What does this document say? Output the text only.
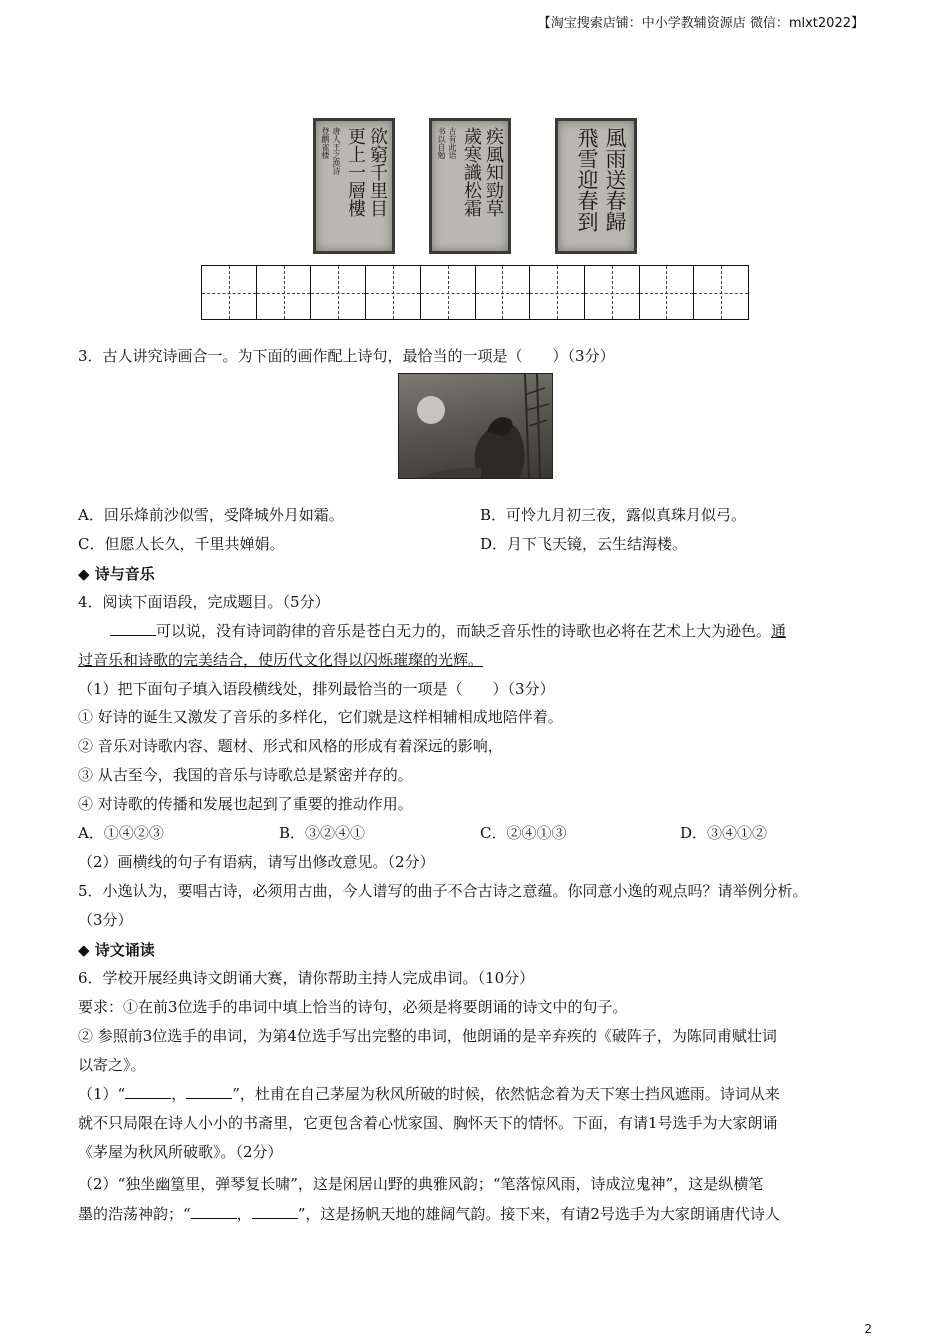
【淘宝搜索店铺：中小学教辅资源店 微信：mlxt2022】
欲窮千里目
更上一層樓
唐人王之涣诗
登鹳雀楼	疾風知勁草
歲寒識松霜
古有此语
书以自勉	風雨送春歸
飛雪迎春到
3．古人讲究诗画合一。为下面的画作配上诗句，最恰当的一项是（　　）（3分）
A．回乐烽前沙似雪，受降城外月如霜。	B．可怜九月初三夜，露似真珠月似弓。
C．但愿人长久，千里共婵娟。	D．月下飞天镜，云生结海楼。
◆ 诗与音乐
4．阅读下面语段，完成题目。（5分）
可以说，没有诗词韵律的音乐是苍白无力的，而缺乏音乐性的诗歌也必将在艺术上大为逊色。通
过音乐和诗歌的完美结合，使历代文化得以闪烁璀璨的光辉。
（1）把下面句子填入语段横线处，排列最恰当的一项是（　　）（3分）
① 好诗的诞生又激发了音乐的多样化，它们就是这样相辅相成地陪伴着。
② 音乐对诗歌内容、题材、形式和风格的形成有着深远的影响，
③ 从古至今，我国的音乐与诗歌总是紧密并存的。
④ 对诗歌的传播和发展也起到了重要的推动作用。
A．①④②③	B．③②④①	C．②④①③	D．③④①②
（2）画横线的句子有语病，请写出修改意见。（2分）
5．小逸认为，要唱古诗，必须用古曲，今人谱写的曲子不合古诗之意蕴。你同意小逸的观点吗？请举例分析。
（3分）
◆ 诗文诵读
6．学校开展经典诗文朗诵大赛，请你帮助主持人完成串词。（10分）
要求：①在前3位选手的串词中填上恰当的诗句，必须是将要朗诵的诗文中的句子。
② 参照前3位选手的串词，为第4位选手写出完整的串词，他朗诵的是辛弃疾的《破阵子，为陈同甫赋壮词
以寄之》。
（1）“	，	”，杜甫在自己茅屋为秋风所破的时候，依然惦念着为天下寒士挡风遮雨。诗词从来
就不只局限在诗人小小的书斋里，它更包含着心忧家国、胸怀天下的情怀。下面，有请1号选手为大家朗诵
《茅屋为秋风所破歌》。（2分）
（2）“独坐幽篁里，弹琴复长啸”，这是闲居山野的典雅风韵；“笔落惊风雨，诗成泣鬼神”，这是纵横笔
墨的浩荡神韵；“	，	”，这是扬帆天地的雄阔气韵。接下来，有请2号选手为大家朗诵唐代诗人
2
